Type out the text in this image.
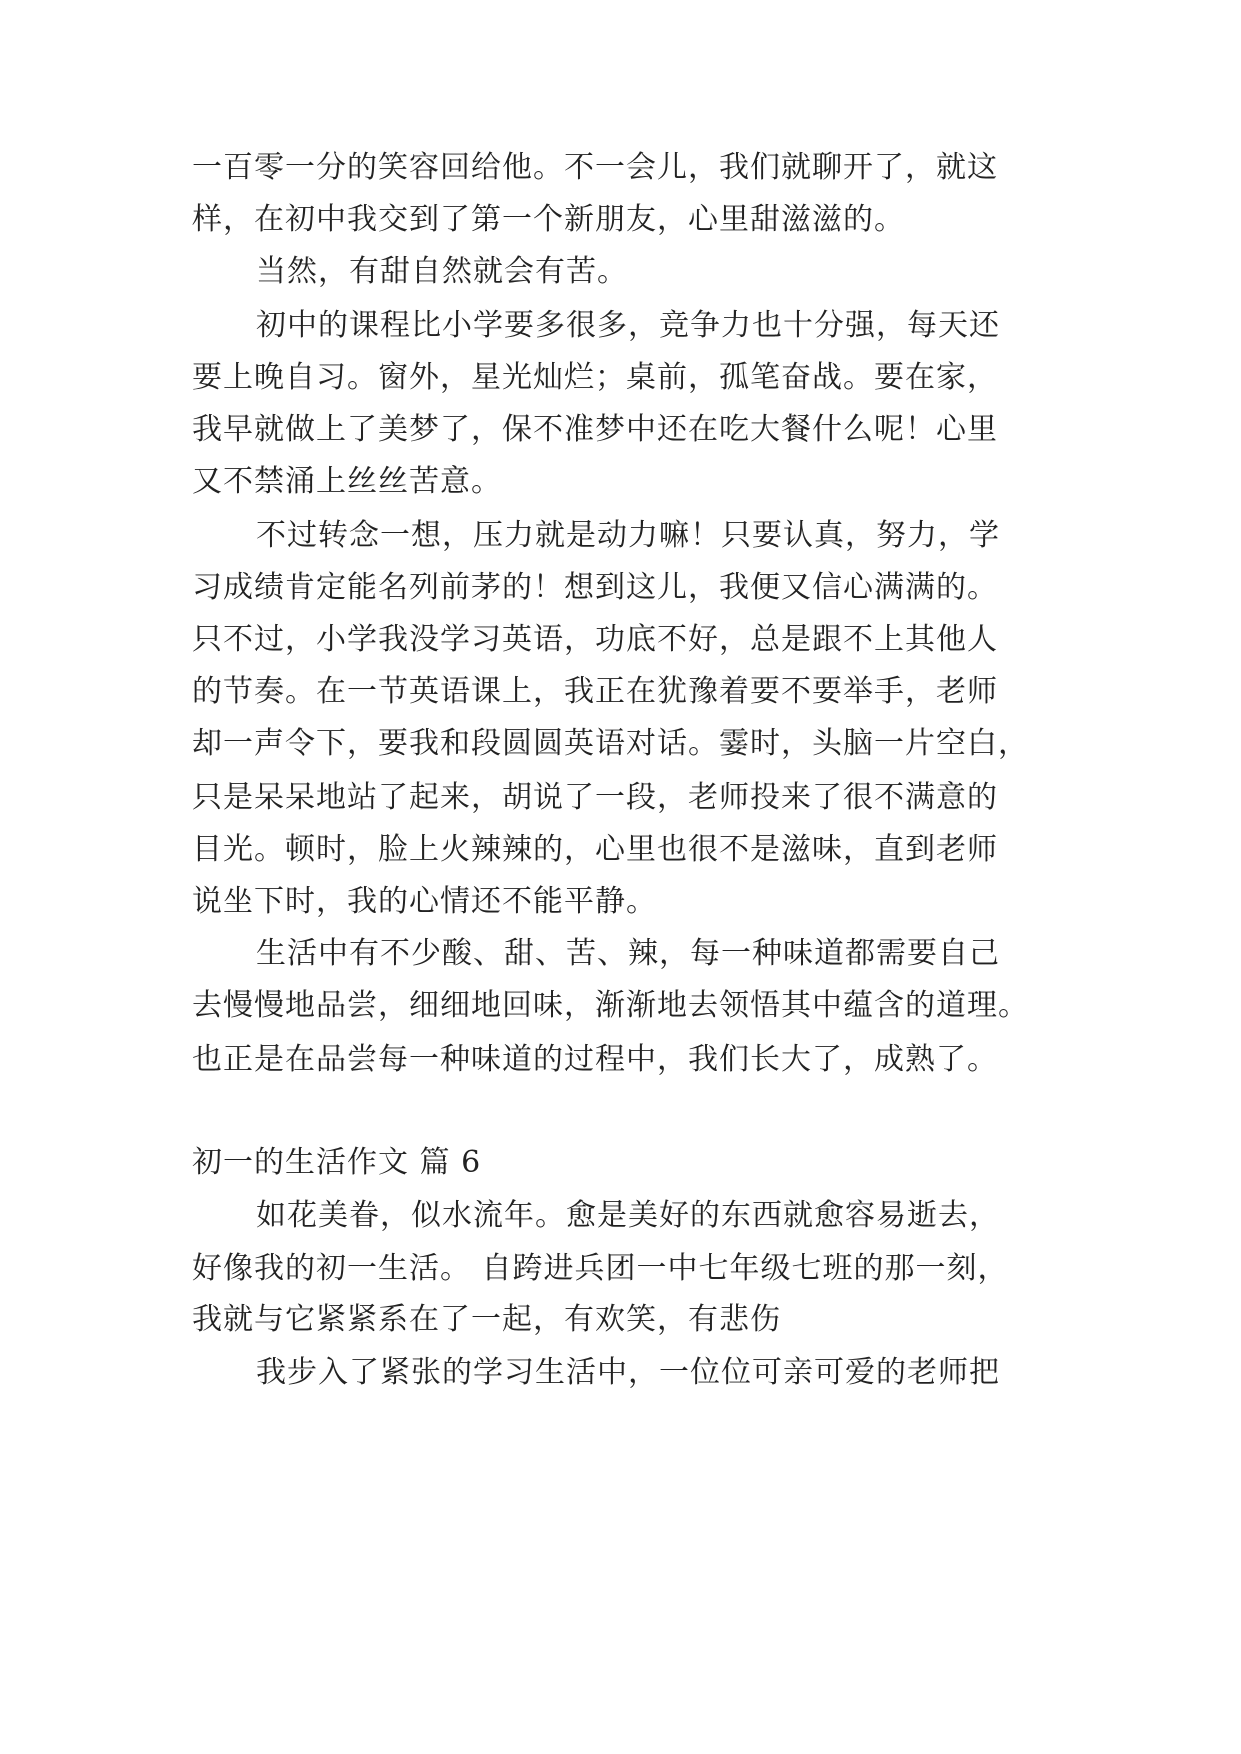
一百零一分的笑容回给他。不一会儿，我们就聊开了，就这
样，在初中我交到了第一个新朋友，心里甜滋滋的。
当然，有甜自然就会有苦。
初中的课程比小学要多很多，竞争力也十分强，每天还
要上晚自习。窗外，星光灿烂；桌前，孤笔奋战。要在家，
我早就做上了美梦了，保不准梦中还在吃大餐什么呢！心里
又不禁涌上丝丝苦意。
不过转念一想，压力就是动力嘛！只要认真，努力，学
习成绩肯定能名列前茅的！想到这儿，我便又信心满满的。
只不过，小学我没学习英语，功底不好，总是跟不上其他人
的节奏。在一节英语课上，我正在犹豫着要不要举手，老师
却一声令下，要我和段圆圆英语对话。霎时，头脑一片空白，
只是呆呆地站了起来，胡说了一段，老师投来了很不满意的
目光。顿时，脸上火辣辣的，心里也很不是滋味，直到老师
说坐下时，我的心情还不能平静。
生活中有不少酸、甜、苦、辣，每一种味道都需要自己
去慢慢地品尝，细细地回味，渐渐地去领悟其中蕴含的道理。
也正是在品尝每一种味道的过程中，我们长大了，成熟了。
初一的生活作文 篇 6
如花美眷，似水流年。愈是美好的东西就愈容易逝去，
好像我的初一生活。 自跨进兵团一中七年级七班的那一刻，
我就与它紧紧系在了一起，有欢笑，有悲伤
我步入了紧张的学习生活中，一位位可亲可爱的老师把
